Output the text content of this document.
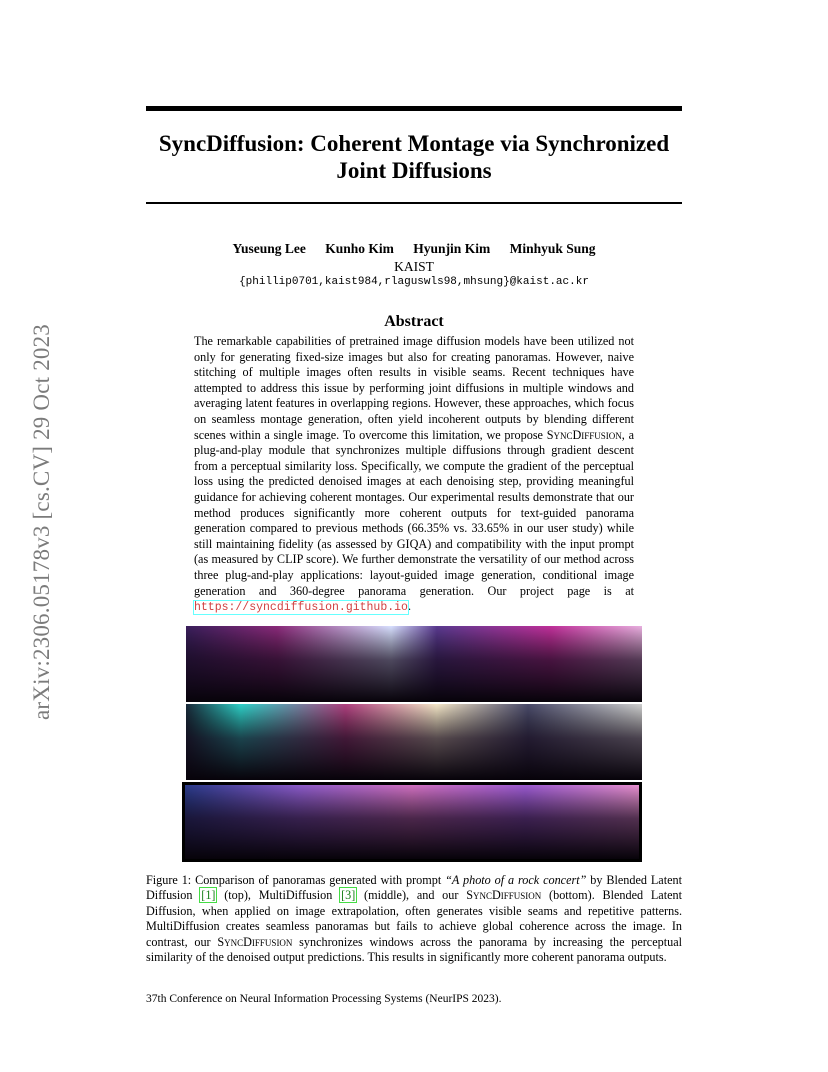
arXiv:2306.05178v3 [cs.CV] 29 Oct 2023
SyncDiffusion: Coherent Montage via Synchronized
Joint Diffusions
Yuseung Lee Kunho Kim Hyunjin Kim Minhyuk Sung
KAIST
{phillip0701,kaist984,rlaguswls98,mhsung}@kaist.ac.kr
Abstract

The remarkable capabilities of pretrained image diffusion models have been utilized not only for generating fixed-size images but also for creating panoramas. However, naive stitching of multiple images often results in visible seams. Recent techniques have attempted to address this issue by performing joint diffusions in multiple windows and averaging latent features in overlapping regions. However, these approaches, which focus on seamless montage generation, often yield incoherent outputs by blending different scenes within a single image. To overcome this limitation, we propose SyncDiffusion, a plug-and-play module that synchronizes multiple diffusions through gradient descent from a perceptual similarity loss. Specifically, we compute the gradient of the perceptual loss using the predicted denoised images at each denoising step, providing meaningful guidance for achieving coherent montages. Our experimental results demonstrate that our method produces significantly more coherent outputs for text-guided panorama generation compared to previous methods (66.35% vs. 33.65% in our user study) while still maintaining fidelity (as assessed by GIQA) and compatibility with the input prompt (as measured by CLIP score). We further demonstrate the versatility of our method across three plug-and-play applications: layout-guided image generation, conditional image generation and 360-degree panorama generation. Our project page is at https://syncdiffusion.github.io.

Figure 1: Comparison of panoramas generated with prompt “A photo of a rock concert” by Blended Latent Diffusion [1] (top), MultiDiffusion [3] (middle), and our SyncDiffusion (bottom). Blended Latent Diffusion, when applied on image extrapolation, often generates visible seams and repetitive patterns. MultiDiffusion creates seamless panoramas but fails to achieve global coherence across the image. In contrast, our SyncDiffusion synchronizes windows across the panorama by increasing the perceptual similarity of the denoised output predictions. This results in significantly more coherent panorama outputs.

37th Conference on Neural Information Processing Systems (NeurIPS 2023).
